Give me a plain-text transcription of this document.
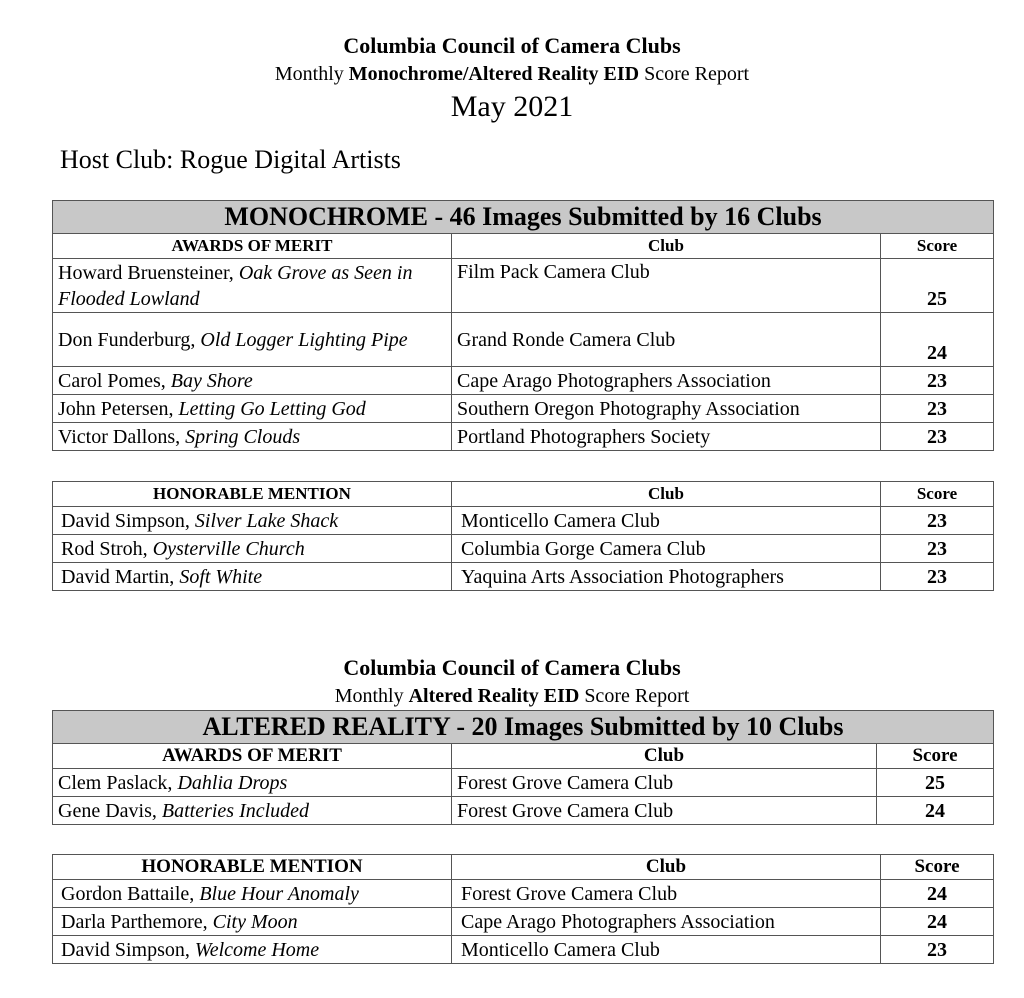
Columbia Council of Camera Clubs
Monthly Monochrome/Altered Reality EID Score Report
May 2021
Host Club: Rogue Digital Artists
MONOCHROME - 46 Images Submitted by 16 Clubs		
AWARDS OF MERIT	Club	Score
Howard Bruensteiner, Oak Grove as Seen in Flooded Lowland	Film Pack Camera Club	25
Don Funderburg, Old Logger Lighting Pipe	Grand Ronde Camera Club	24
Carol Pomes, Bay Shore	Cape Arago Photographers Association	23
John Petersen, Letting Go Letting God	Southern Oregon Photography Association	23
Victor Dallons, Spring Clouds	Portland Photographers Society	23
HONORABLE MENTION	Club	Score
David Simpson, Silver Lake Shack	Monticello Camera Club	23
Rod Stroh, Oysterville Church	Columbia Gorge Camera Club	23
David Martin, Soft White	Yaquina Arts Association Photographers	23
Columbia Council of Camera Clubs
Monthly Altered Reality EID Score Report
ALTERED REALITY - 20 Images Submitted by 10 Clubs		
AWARDS OF MERIT	Club	Score
Clem Paslack, Dahlia Drops	Forest Grove Camera Club	25
Gene Davis, Batteries Included	Forest Grove Camera Club	24
HONORABLE MENTION	Club	Score
Gordon Battaile, Blue Hour Anomaly	Forest Grove Camera Club	24
Darla Parthemore, City Moon	Cape Arago Photographers Association	24
David Simpson, Welcome Home	Monticello Camera Club	23
